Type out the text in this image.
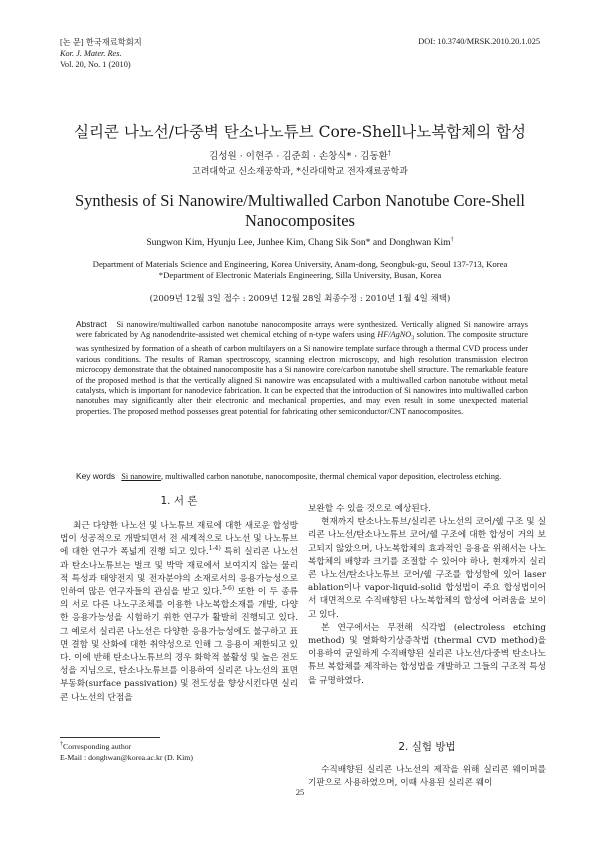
[논 문] 한국재료학회지
Kor. J. Mater. Res.
Vol. 20, No. 1 (2010)
DOI: 10.3740/MRSK.2010.20.1.025
실리콘 나노선/다중벽 탄소나노튜브 Core-Shell나노복합체의 합성
김성원 · 이현주 · 김준희 · 손창식* · 김동환†
고려대학교 신소재공학과, *신라대학교 전자재료공학과
Synthesis of Si Nanowire/Multiwalled Carbon Nanotube Core-Shell
Nanocomposites
Sungwon Kim, Hyunju Lee, Junhee Kim, Chang Sik Son* and Donghwan Kim†
Department of Materials Science and Engineering, Korea University, Anam-dong, Seongbuk-gu, Seoul 137-713, Korea
*Department of Electronic Materials Engineering, Silla University, Busan, Korea
(2009년 12월 3일 접수 : 2009년 12월 28일 최종수정 : 2010년 1월 4일 채택)
Abstract Si nanowire/multiwalled carbon nanotube nanocomposite arrays were synthesized. Vertically aligned Si nanowire arrays were fabricated by Ag nanodendrite-assisted wet chemical etching of n-type wafers using HF/AgNO$_3$ solution. The composite structure was synthesized by formation of a sheath of carbon multilayers on a Si nanowire template surface through a thermal CVD process under various conditions. The results of Raman spectroscopy, scanning electron microscopy, and high resolution transmission electron microcopy demonstrate that the obtained nanocomposite has a Si nanowire core/carbon nanotube shell structure. The remarkable feature of the proposed method is that the vertically aligned Si nanowire was encapsulated with a multiwalled carbon nanotube without metal catalysts, which is important for nanodevice fabrication. It can be expected that the introduction of Si nanowires into multiwalled carbon nanotubes may significantly alter their electronic and mechanical properties, and may even result in some unexpected material properties. The proposed method possesses great potential for fabricating other semiconductor/CNT nanocomposites.
Key words Si nanowire, multiwalled carbon nanotube, nanocomposite, thermal chemical vapor deposition, electroless etching.
1. 서 론

최근 다양한 나노선 및 나노튜브 재료에 대한 새로운 합성방법이 성공적으로 개발되면서 전 세계적으로 나노선 및 나노튜브에 대한 연구가 폭넓게 진행 되고 있다.$^{1-4)}$ 특히 실리콘 나노선과 탄소나노튜브는 벌크 및 박막 재료에서 보여지지 않는 물리적 특성과 태양전지 및 전자분야의 소재로서의 응용가능성으로 인하여 많은 연구자들의 관심을 받고 있다.$^{5-6)}$ 또한 이 두 종류의 서로 다른 나노구조체를 이용한 나노복합소재를 개발, 다양한 응용가능성을 시험하기 위한 연구가 활발히 진행되고 있다. 그 예로서 실리콘 나노선은 다양한 응용가능성에도 불구하고 표면 결함 및 산화에 대한 취약성으로 인해 그 응용이 제한되고 있다. 이에 반해 탄소나노튜브의 경우 화학적 불활성 및 높은 전도성을 지님으로, 탄소나노튜브를 이용하여 실리콘 나노선의 표면 부동화(surface passivation) 및 전도성을 향상시킨다면 실리콘 나노선의 단점을

보완할 수 있을 것으로 예상된다.

현재까지 탄소나노튜브/실리콘 나노선의 코어/쉘 구조 및 실리콘 나노선/탄소나노튜브 코어/쉘 구조에 대한 합성이 거의 보고되지 않았으며, 나노복합체의 효과적인 응용을 위해서는 나노복합체의 배향과 크기를 조절할 수 있어야 하나, 현재까지 실리콘 나노선/탄소나노튜브 코어/쉘 구조를 합성함에 있어 laser ablation이나 vapor-liquid-solid 합성법이 주요 합성법이어서 대면적으로 수직배향된 나노복합체의 합성에 어려움을 보이고 있다.

본 연구에서는 무전해 식각법 (electroless etching method) 및 열화학기상증착법 (thermal CVD method)을 이용하여 균일하게 수직배향된 실리콘 나노선/다중벽 탄소나노튜브 복합체를 제작하는 합성법을 개발하고 그들의 구조적 특성을 규명하였다.

2. 실험 방법

수직배향된 실리콘 나노선의 제작을 위해 실리콘 웨이퍼를 기판으로 사용하였으며, 이때 사용된 실리콘 웨이

†Corresponding author
E-Mail : donghwan@korea.ac.kr (D. Kim)
25
